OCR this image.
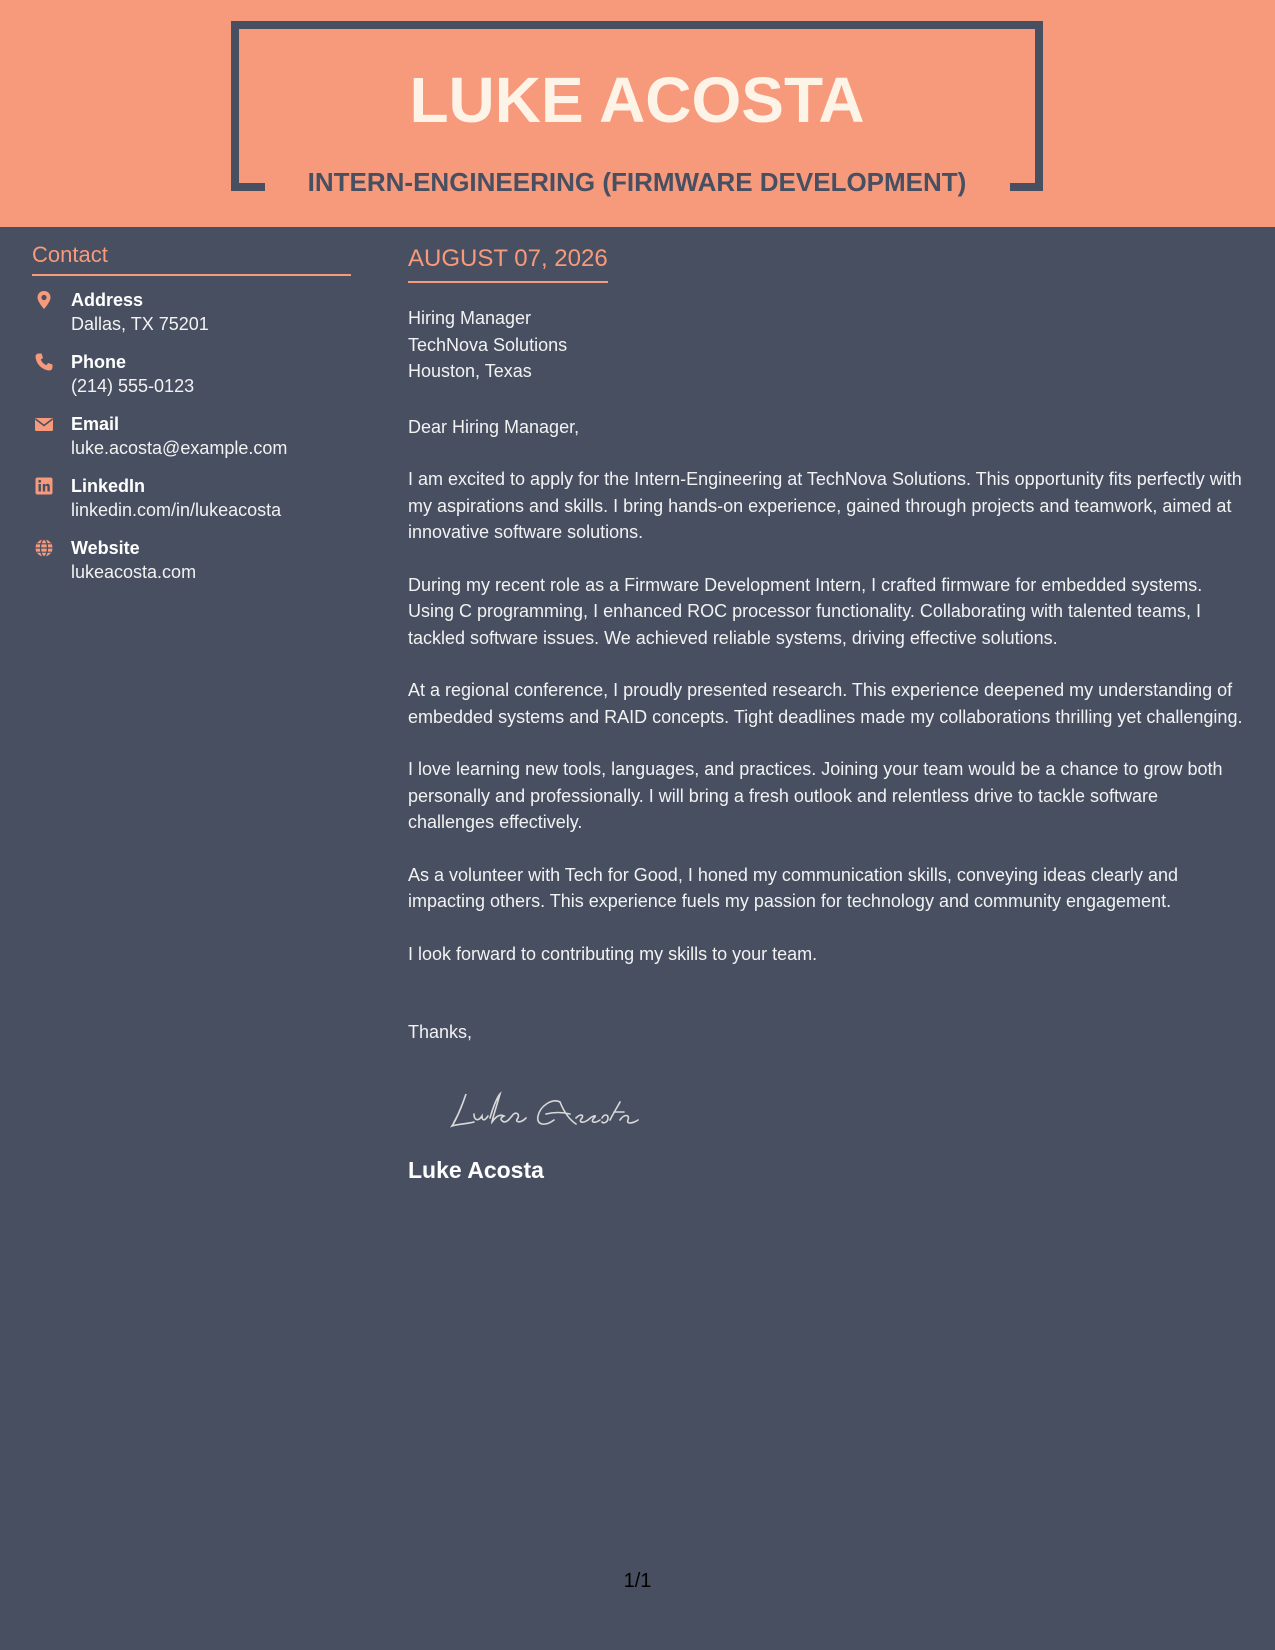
LUKE ACOSTA
INTERN-ENGINEERING (FIRMWARE DEVELOPMENT)
Contact
Address
Dallas, TX 75201
Phone
(214) 555-0123
Email
luke.acosta@example.com
LinkedIn
linkedin.com/in/lukeacosta
Website
lukeacosta.com
AUGUST 07, 2026

Hiring Manager

TechNova Solutions

Houston, Texas

Dear Hiring Manager,

I am excited to apply for the Intern-Engineering at TechNova Solutions. This opportunity fits perfectly with my aspirations and skills. I bring hands-on experience, gained through projects and teamwork, aimed at innovative software solutions.

During my recent role as a Firmware Development Intern, I crafted firmware for embedded systems. Using C programming, I enhanced ROC processor functionality. Collaborating with talented teams, I tackled software issues. We achieved reliable systems, driving effective solutions.

At a regional conference, I proudly presented research. This experience deepened my understanding of embedded systems and RAID concepts. Tight deadlines made my collaborations thrilling yet challenging.

I love learning new tools, languages, and practices. Joining your team would be a chance to grow both personally and professionally. I will bring a fresh outlook and relentless drive to tackle software challenges effectively.

As a volunteer with Tech for Good, I honed my communication skills, conveying ideas clearly and impacting others. This experience fuels my passion for technology and community engagement.

I look forward to contributing my skills to your team.

Thanks,

Luke Acosta
1/1
